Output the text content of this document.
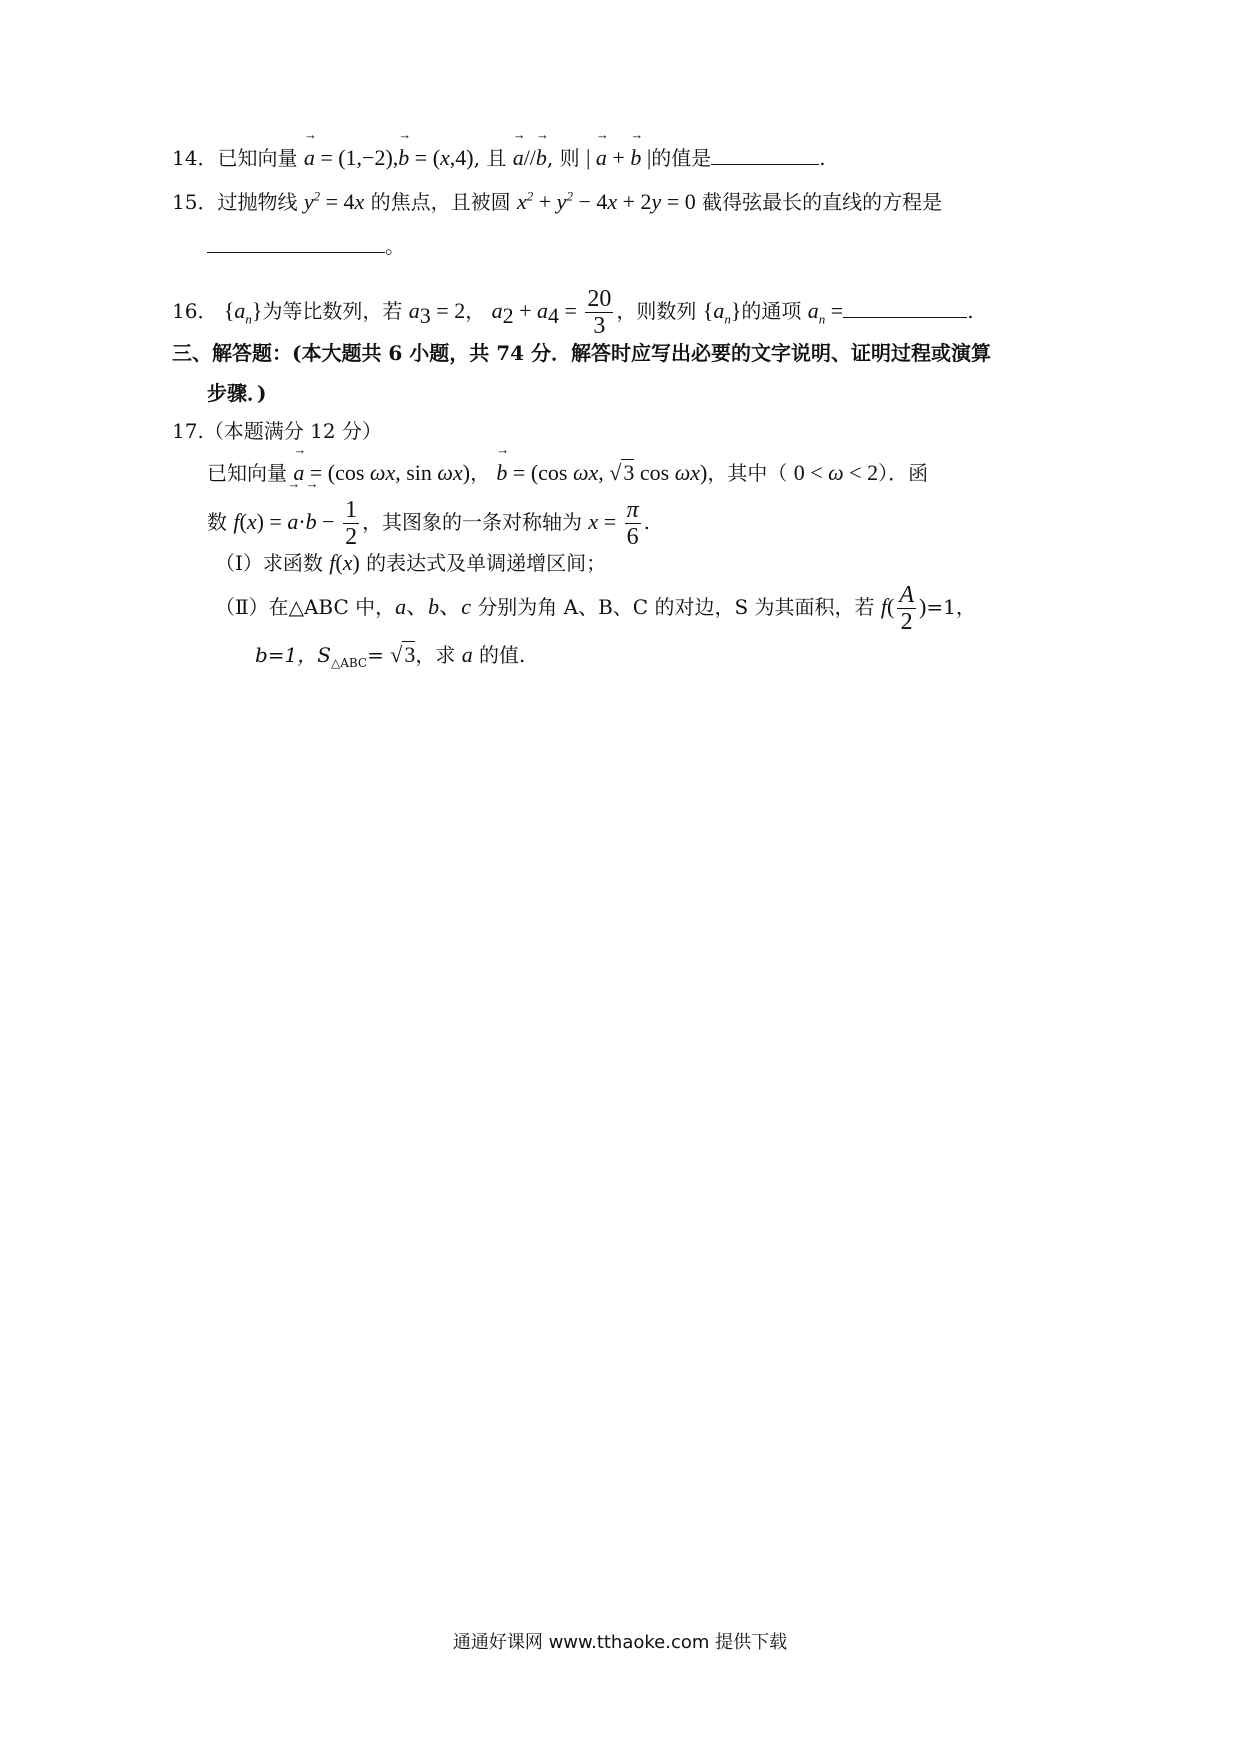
14．已知向量 → a = (1,−2),→ b = (x,4), 且 → a//→ b, 则 | → a + → b |的值是	.
15．过抛物线 $y^2 = 4x$ 的焦点，且被圆 $x^2 + y^2 - 4x + 2y = 0$ 截得弦最长的直线的方程是
。
16． $\{a_n\}$为等比数列，若 $a_3 = 2$， $a_2 + a_4 = \frac{20}{3}$ ，则数列 $\{a_n\}$的通项 $a_n$ =	.
三、解答题：(本大题共 6 小题，共 74 分．解答时应写出必要的文字说明、证明过程或演算
步骤．)
17.（本题满分 12 分）
已知向量 → a = (cos ωx, sin ωx)， → b = (cos ωx, √3 cos ωx)，其中（ 0 < ω < 2）．函
数 f(x) = → $a\cdot\to b - \frac{1}{2}$ ，其图象的一条对称轴为 $x = \frac{\pi}{6}$ .
（I）求函数 f(x) 的表达式及单调递增区间；
（Ⅱ）在△ABC 中，a、b、c 分别为角 A、B、C 的对边，S 为其面积，若 $f( \frac{A}{2} )=1$，
b=1，$S_{\triangle ABC}= √3$，求 a 的值.
通通好课网 www.tthaoke.com 提供下载
